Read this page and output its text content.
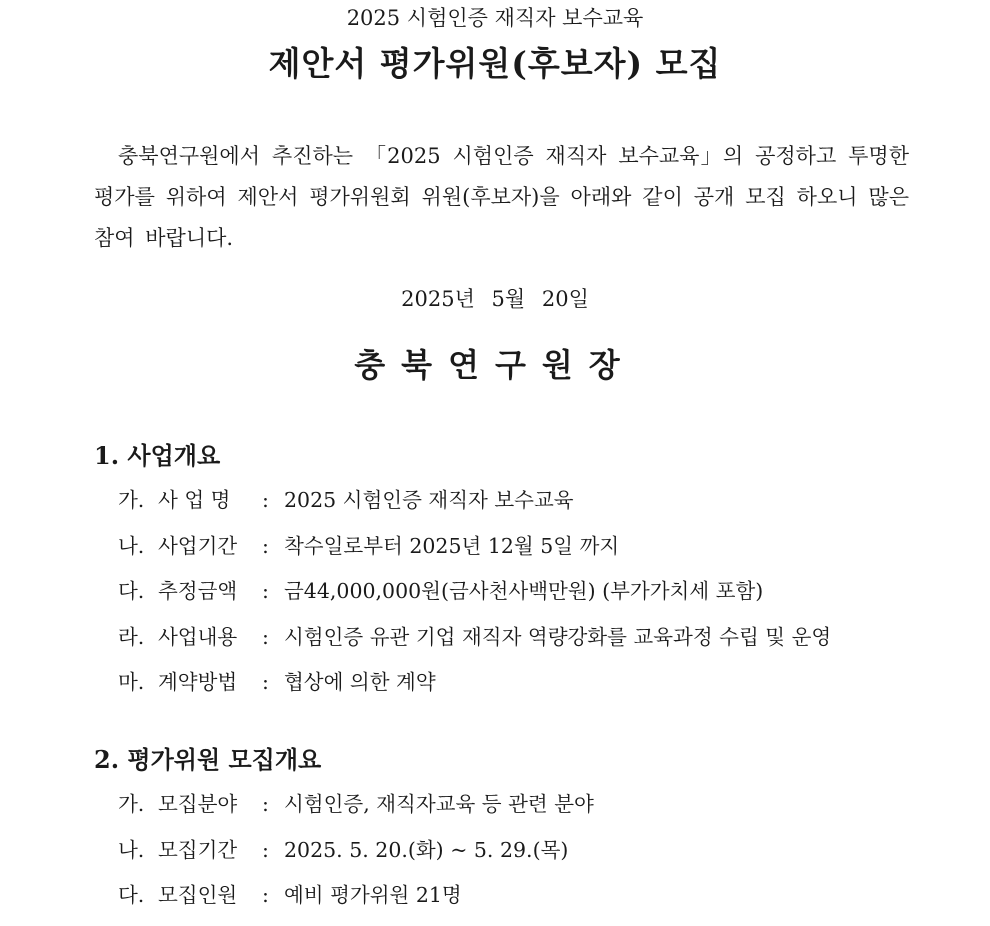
2025 시험인증 재직자 보수교육
제안서 평가위원(후보자) 모집
충북연구원에서 추진하는 「2025 시험인증 재직자 보수교육」의 공정하고 투명한 평가를 위하여 제안서 평가위원회 위원(후보자)을 아래와 같이 공개 모집 하오니 많은 참여 바랍니다.
2025년 5월 20일
충북연구원장
1. 사업개요
가. 사 업 명 : 2025 시험인증 재직자 보수교육
나. 사업기간 : 착수일로부터 2025년 12월 5일 까지
다. 추정금액 : 금44,000,000원(금사천사백만원) (부가가치세 포함)
라. 사업내용 : 시험인증 유관 기업 재직자 역량강화를 교육과정 수립 및 운영
마. 계약방법 : 협상에 의한 계약
2. 평가위원 모집개요
가. 모집분야 : 시험인증, 재직자교육 등 관련 분야
나. 모집기간 : 2025. 5. 20.(화) ~ 5. 29.(목)
다. 모집인원 : 예비 평가위원 21명
